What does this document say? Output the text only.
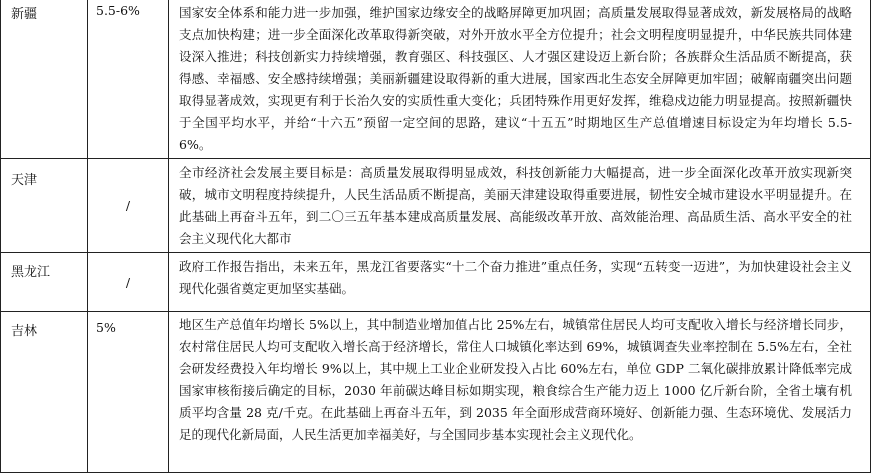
新疆	5.5-6%	国家安全体系和能力进一步加强，维护国家边缘安全的战略屏障更加巩固；高质量发展取得显著成效，新发展格局的战略支点加快构建；进一步全面深化改革取得新突破，对外开放水平全方位提升；社会文明程度明显提升，中华民族共同体建设深入推进；科技创新实力持续增强，教育强区、科技强区、人才强区建设迈上新台阶；各族群众生活品质不断提高，获得感、幸福感、安全感持续增强；美丽新疆建设取得新的重大进展，国家西北生态安全屏障更加牢固；破解南疆突出问题取得显著成效，实现更有利于长治久安的实质性重大变化；兵团特殊作用更好发挥，维稳戍边能力明显提高。按照新疆快于全国平均水平，并给“十六五”预留一定空间的思路，建议“十五五”时期地区生产总值增速目标设定为年均增长 5.5-6%。
天津	/	全市经济社会发展主要目标是：高质量发展取得明显成效，科技创新能力大幅提高，进一步全面深化改革开放实现新突破，城市文明程度持续提升，人民生活品质不断提高，美丽天津建设取得重要进展，韧性安全城市建设水平明显提升。在此基础上再奋斗五年，到二〇三五年基本建成高质量发展、高能级改革开放、高效能治理、高品质生活、高水平安全的社会主义现代化大都市
黑龙江	/	政府工作报告指出，未来五年，黑龙江省要落实“十二个奋力推进”重点任务，实现“五转变一迈进”，为加快建设社会主义现代化强省奠定更加坚实基础。
吉林	5%	地区生产总值年均增长 5%以上，其中制造业增加值占比 25%左右，城镇常住居民人均可支配收入增长与经济增长同步，农村常住居民人均可支配收入增长高于经济增长，常住人口城镇化率达到 69%，城镇调查失业率控制在 5.5%左右，全社会研发经费投入年均增长 9%以上，其中规上工业企业研发投入占比 60%左右，单位 GDP 二氧化碳排放累计降低率完成国家审核衔接后确定的目标，2030 年前碳达峰目标如期实现，粮食综合生产能力迈上 1000 亿斤新台阶，全省土壤有机质平均含量 28 克/千克。在此基础上再奋斗五年，到 2035 年全面形成营商环境好、创新能力强、生态环境优、发展活力足的现代化新局面，人民生活更加幸福美好，与全国同步基本实现社会主义现代化。
